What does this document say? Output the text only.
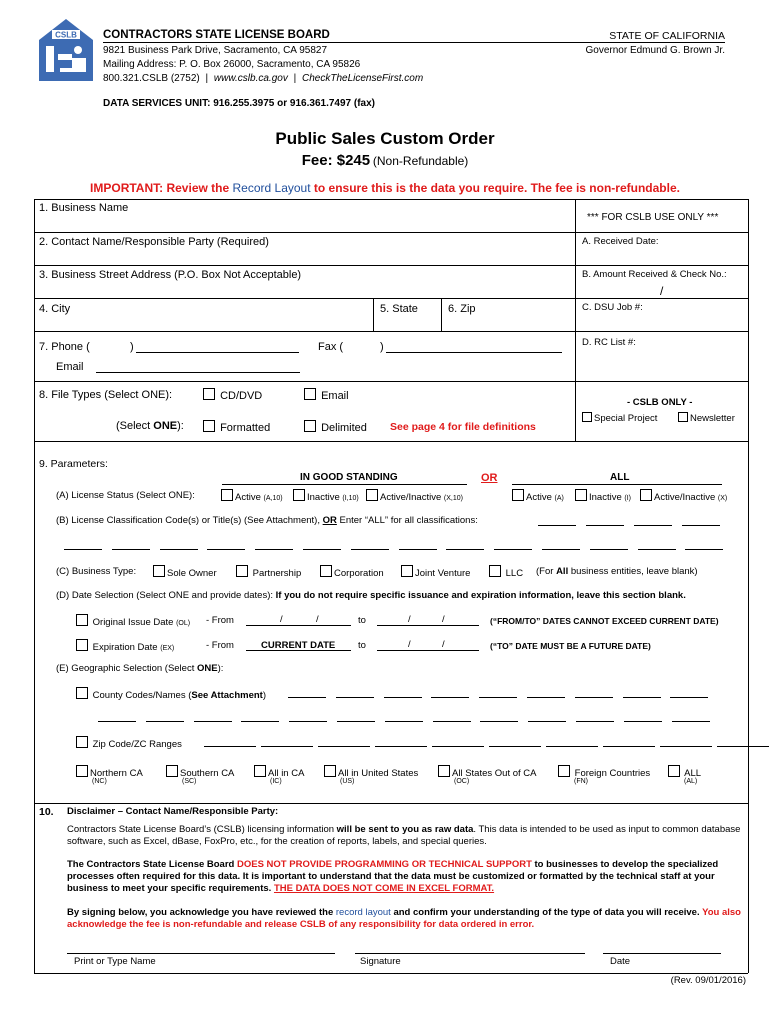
CSLB CONTRACTORS STATE LICENSE BOARD	STATE OF CALIFORNIA
Governor Edmund G. Brown Jr.
9821 Business Park Drive, Sacramento, CA 95827
Mailing Address: P. O. Box 26000, Sacramento, CA 95826
800.321.CSLB (2752) | www.cslb.ca.gov | CheckTheLicenseFirst.com
DATA SERVICES UNIT: 916.255.3975 or 916.361.7497 (fax)
Public Sales Custom Order
Fee: $245 (Non-Refundable)
IMPORTANT: Review the Record Layout to ensure this is the data you require. The fee is non-refundable.
1. Business Name
2. Contact Name/Responsible Party (Required)
3. Business Street Address (P.O. Box Not Acceptable)
4. City	5. State	6. Zip
7. Phone (	)	Fax (	)
Email
*** FOR CSLB USE ONLY ***
A. Received Date:
B. Amount Received & Check No.:
/
C. DSU Job #:
D. RC List #:
- CSLB ONLY -
Special Project	Newsletter
8. File Types (Select ONE):	CD/DVD	Email
(Select ONE):	Formatted	Delimited See page 4 for file definitions
9. Parameters:
IN GOOD STANDING	OR	ALL
(A) License Status (Select ONE):	Active (A,10)	Inactive (I,10)	Active/Inactive (X,10)	Active (A)	Inactive (I)	Active/Inactive (X)
(B) License Classification Code(s) or Title(s) (See Attachment), OR Enter “ALL” for all classifications:
(C) Business Type:	Sole Owner	Partnership	Corporation	Joint Venture	LLC (For All business entities, leave blank)
(D) Date Selection (Select ONE and provide dates): If you do not require specific issuance and expiration information, leave this section blank.
Original Issue Date (OL) - From	/	/	to	/	/	(“FROM/TO” DATES CANNOT EXCEED CURRENT DATE)
Expiration Date (EX)	- From	CURRENT DATE to	/	/	(“TO” DATE MUST BE A FUTURE DATE)
(E) Geographic Selection (Select ONE):
County Codes/Names (See Attachment)
Zip Code/ZC Ranges
Northern CA
(NC)
Southern CA
(SC)
All in CA
(IC)
All in United States
(US)
All States Out of CA
(OC)
Foreign Countries
(FN)
ALL
(AL)
10. Disclaimer – Contact Name/Responsible Party:
Contractors State License Board’s (CSLB) licensing information will be sent to you as raw data. This data is intended to be used as input to common database software, such as Excel, dBase, FoxPro, etc., for the creation of reports, labels, and special queries.
The Contractors State License Board DOES NOT PROVIDE PROGRAMMING OR TECHNICAL SUPPORT to businesses to develop the specialized processes often required for this data. It is important to understand that the data must be customized or formatted by the technical staff at your business to meet your specific requirements. THE DATA DOES NOT COME IN EXCEL FORMAT.
By signing below, you acknowledge you have reviewed the record layout and confirm your understanding of the type of data you will receive. You also acknowledge the fee is non-refundable and release CSLB of any responsibility for data ordered in error.
Print or Type Name	Signature	Date
(Rev. 09/01/2016)
